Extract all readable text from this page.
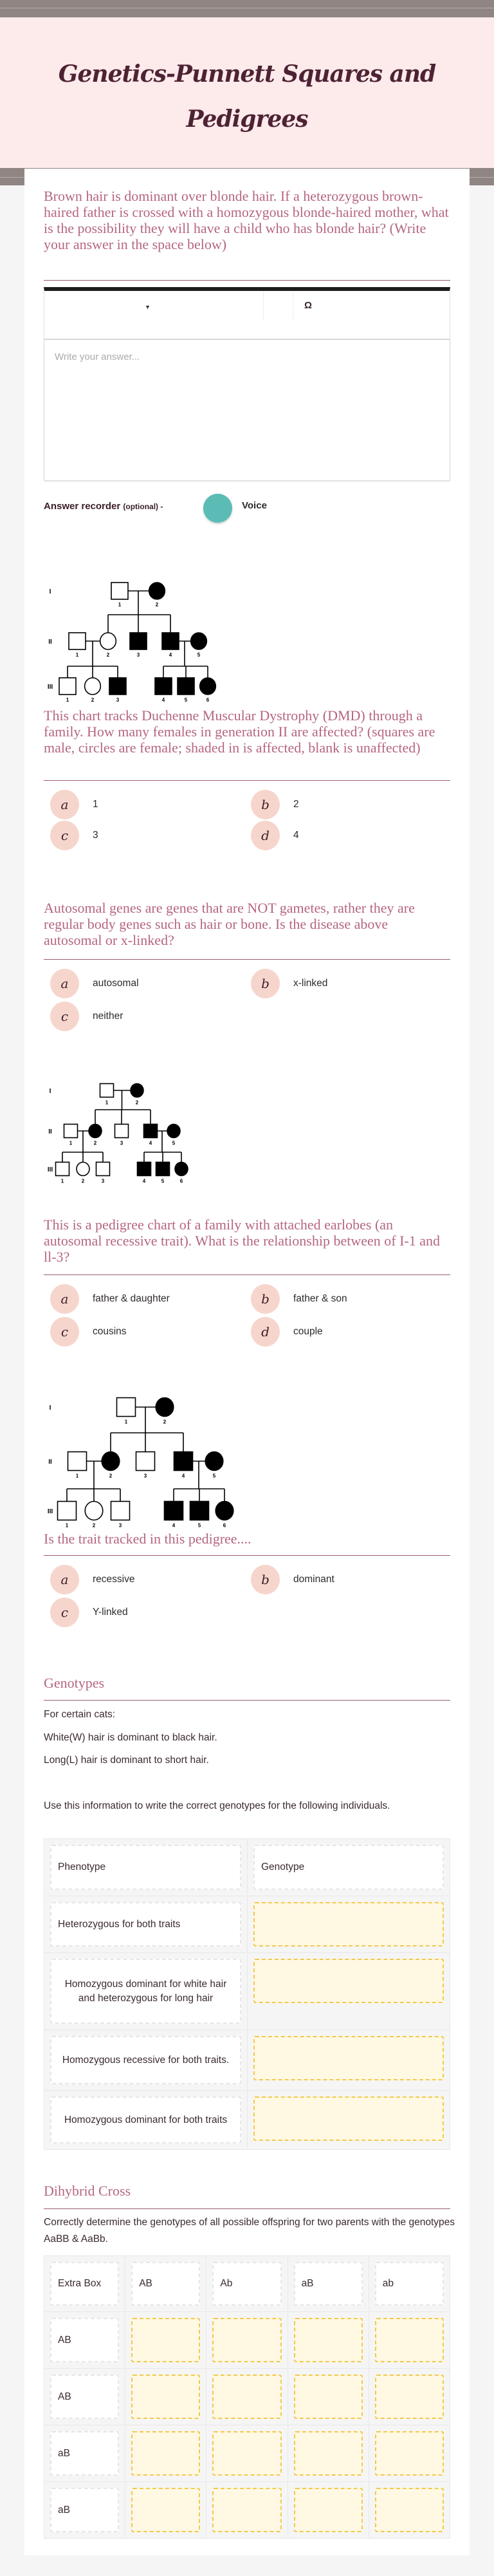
Genetics-Punnett Squares and
Pedigrees
Brown hair is dominant over blonde hair. If a heterozygous brown-haired father is crossed with a homozygous blonde-haired mother, what is the possibility they will have a child who has blonde hair? (Write your answer in the space below)
▼	Ω
Write your answer...
Answer recorder (optional) -	Voice
1	2
1	2	3	4	5
1	2	3	4	5	6
I
II
III
1	2
1	2	3	4	5
1	2	3	4	5	6
I
II
III
1	2
1	2	3	4	5
1	2	3	4	5	6
I
II
III
This chart tracks Duchenne Muscular Dystrophy (DMD) through a family. How many females in generation II are affected? (squares are male, circles are female; shaded in is affected, blank is unaffected)
a	1	b	2
c	3	d	4
Autosomal genes are genes that are NOT gametes, rather they are regular body genes such as hair or bone. Is the disease above autosomal or x-linked?
a	autosomal	b	x-linked
c	neither
This is a pedigree chart of a family with attached earlobes (an autosomal recessive trait). What is the relationship between of I-1 and ll-3?
a	father & daughter	b	father & son
c	cousins	d	couple
Is the trait tracked in this pedigree....
a	recessive	b	dominant
c	Y-linked
Genotypes
For certain cats:
White(W) hair is dominant to black hair.
Long(L) hair is dominant to short hair.
Use this information to write the correct genotypes for the following individuals.
Phenotype	Genotype

Heterozygous for both traits	

Homozygous dominant for white hair and heterozygous for long hair	

Homozygous recessive for both traits.	

Homozygous dominant for both traits	

Dihybrid Cross
Correctly determine the genotypes of all possible offspring for two parents with the genotypes AaBB & AaBb.
Extra Box	AB	Ab	aB	ab

AB				

AB				

aB				

aB				
